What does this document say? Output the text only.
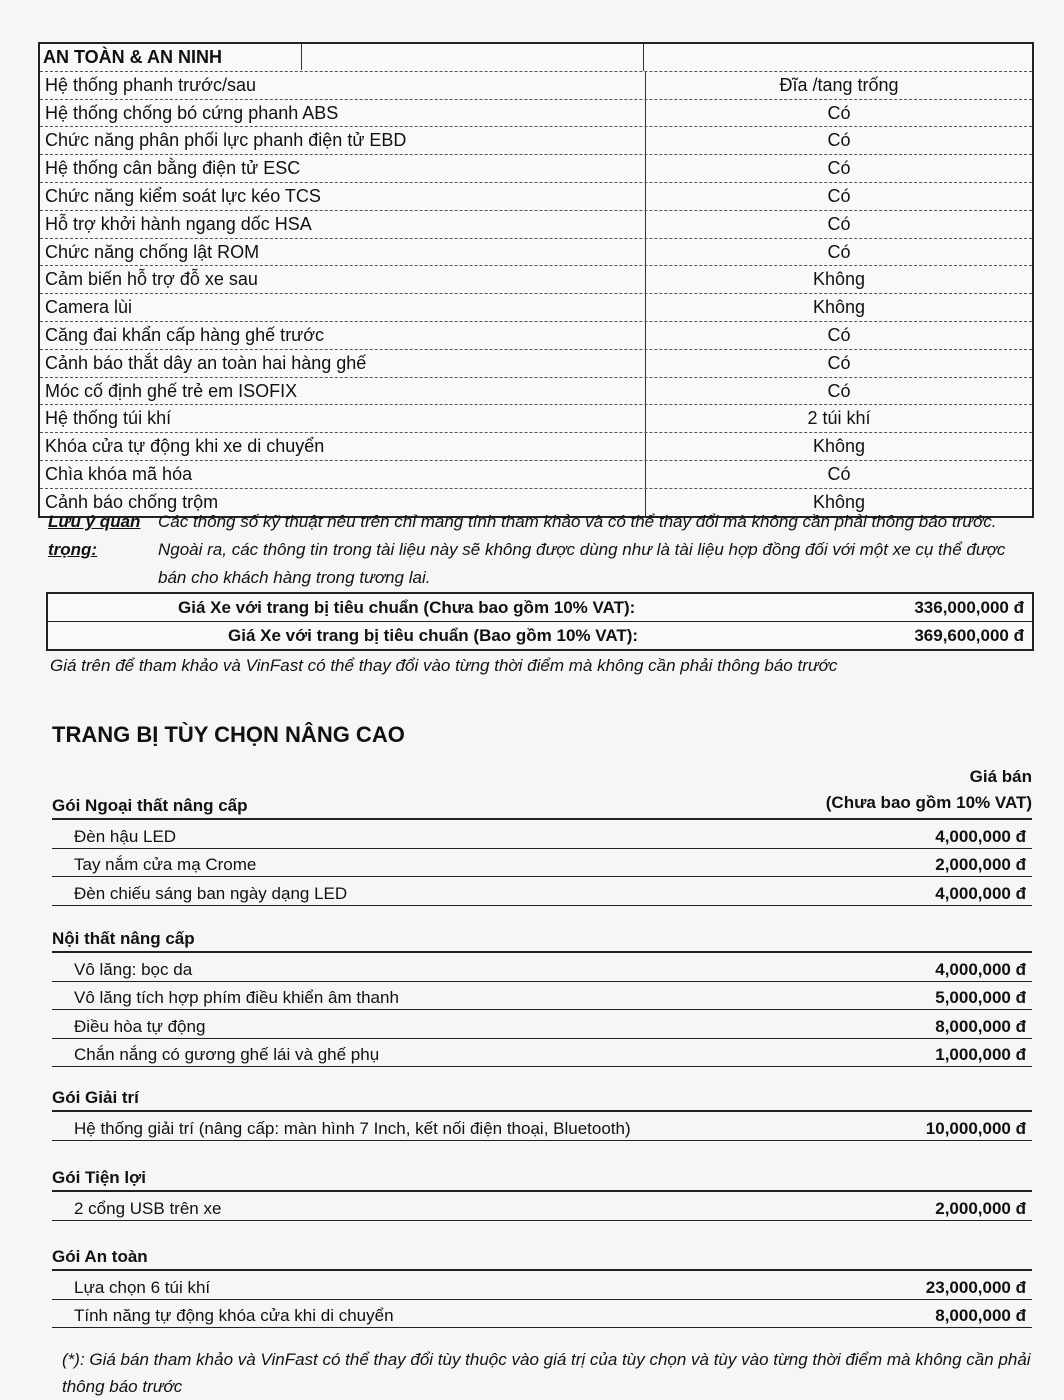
AN TOÀN & AN NINH
Hệ thống phanh trước/sau	Đĩa /tang trống
Hệ thống chống bó cứng phanh ABS	Có
Chức năng phân phối lực phanh điện tử EBD	Có
Hệ thống cân bằng điện tử ESC	Có
Chức năng kiểm soát lực kéo TCS	Có
Hỗ trợ khởi hành ngang dốc HSA	Có
Chức năng chống lật ROM	Có
Cảm biến hỗ trợ đỗ xe sau	Không
Camera lùi	Không
Căng đai khẩn cấp hàng ghế trước	Có
Cảnh báo thắt dây an toàn hai hàng ghế	Có
Móc cố định ghế trẻ em ISOFIX	Có
Hệ thống túi khí	2 túi khí
Khóa cửa tự động khi xe di chuyển	Không
Chìa khóa mã hóa	Có
Cảnh báo chống trộm	Không
Lưu ý quan trọng:
Các thông số kỹ thuật nêu trên chỉ mang tính tham khảo và có thể thay đổi mà không cần phải thông báo trước. Ngoài ra, các thông tin trong tài liệu này sẽ không được dùng như là tài liệu hợp đồng đối với một xe cụ thể được bán cho khách hàng trong tương lai.
Giá Xe với trang bị tiêu chuẩn (Chưa bao gồm 10% VAT):	336,000,000 đ
Giá Xe với trang bị tiêu chuẩn (Bao gồm 10% VAT):	369,600,000 đ
Giá trên để tham khảo và VinFast có thể thay đổi vào từng thời điểm mà không cần phải thông báo trước
TRANG BỊ TÙY CHỌN NÂNG CAO
Giá bán
(Chưa bao gồm 10% VAT)
Gói Ngoại thất nâng cấp
Đèn hậu LED	4,000,000 đ
Tay nắm cửa mạ Crome	2,000,000 đ
Đèn chiếu sáng ban ngày dạng LED	4,000,000 đ
Nội thất nâng cấp
Vô lăng: bọc da	4,000,000 đ
Vô lăng tích hợp phím điều khiển âm thanh	5,000,000 đ
Điều hòa tự động	8,000,000 đ
Chắn nắng có gương ghế lái và ghế phụ	1,000,000 đ
Gói Giải trí
Hệ thống giải trí (nâng cấp: màn hình 7 Inch, kết nối điện thoại, Bluetooth)	10,000,000 đ
Gói Tiện lợi
2 cổng USB trên xe	2,000,000 đ
Gói An toàn
Lựa chọn 6 túi khí	23,000,000 đ
Tính năng tự động khóa cửa khi di chuyển	8,000,000 đ
(*): Giá bán tham khảo và VinFast có thể thay đổi tùy thuộc vào giá trị của tùy chọn và tùy vào từng thời điểm mà không cần phải thông báo trước
